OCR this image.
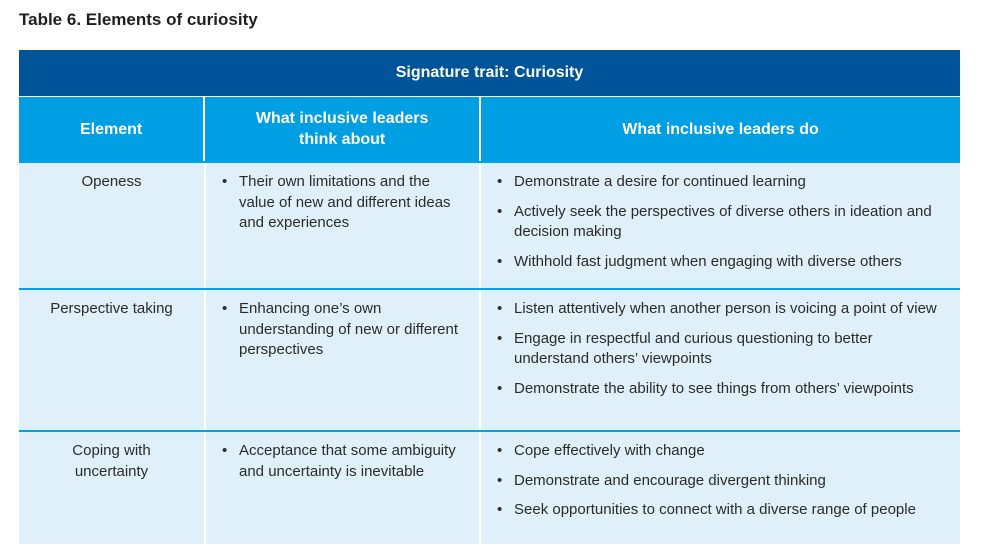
Table 6. Elements of curiosity
Signature trait: Curiosity
Element
What inclusive leaders
think about
What inclusive leaders do
Openess	• Their own limitations and the value of new and different ideas and experiences
• Demonstrate a desire for continued learning
• Actively seek the perspectives of diverse others in ideation and decision making
• Withhold fast judgment when engaging with diverse others
Perspective taking	• Enhancing one’s own understanding of new or different perspectives
• Listen attentively when another person is voicing a point of view
• Engage in respectful and curious questioning to better understand others’ viewpoints
• Demonstrate the ability to see things from others’ viewpoints
Coping with
uncertainty
• Acceptance that some ambiguity and uncertainty is inevitable
• Cope effectively with change
• Demonstrate and encourage divergent thinking
• Seek opportunities to connect with a diverse range of people
